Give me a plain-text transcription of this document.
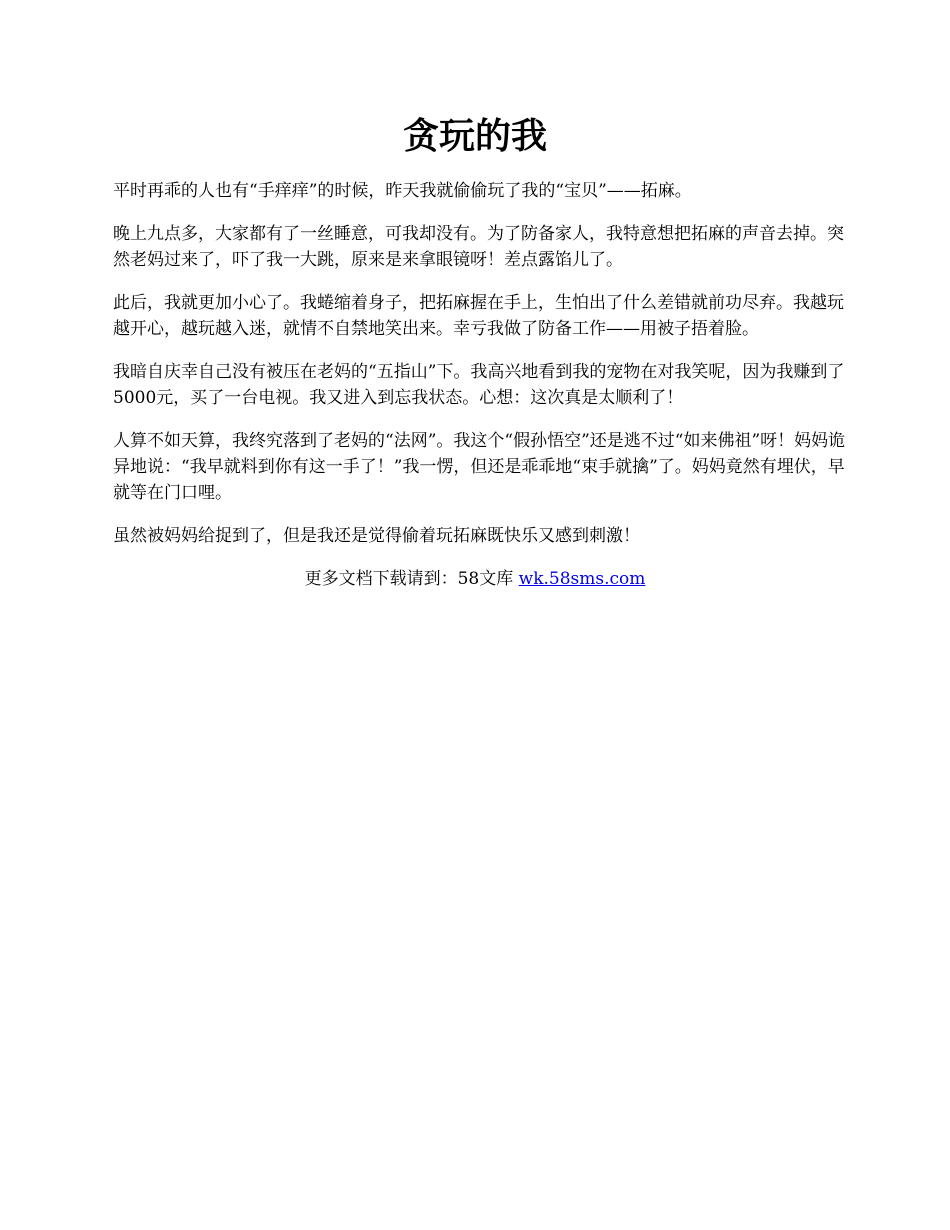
贪玩的我

平时再乖的人也有“手痒痒”的时候，昨天我就偷偷玩了我的“宝贝”——拓麻。

晚上九点多，大家都有了一丝睡意，可我却没有。为了防备家人，我特意想把拓麻的声音去掉。突然老妈过来了，吓了我一大跳，原来是来拿眼镜呀！差点露馅儿了。

此后，我就更加小心了。我蜷缩着身子，把拓麻握在手上，生怕出了什么差错就前功尽弃。我越玩越开心，越玩越入迷，就情不自禁地笑出来。幸亏我做了防备工作——用被子捂着脸。

我暗自庆幸自己没有被压在老妈的“五指山”下。我高兴地看到我的宠物在对我笑呢，因为我赚到了5000元，买了一台电视。我又进入到忘我状态。心想：这次真是太顺利了！

人算不如天算，我终究落到了老妈的“法网”。我这个“假孙悟空”还是逃不过“如来佛祖”呀！妈妈诡异地说：“我早就料到你有这一手了！”我一愣，但还是乖乖地“束手就擒”了。妈妈竟然有埋伏，早就等在门口哩。

虽然被妈妈给捉到了，但是我还是觉得偷着玩拓麻既快乐又感到刺激！

更多文档下载请到：58文库 wk.58sms.com
